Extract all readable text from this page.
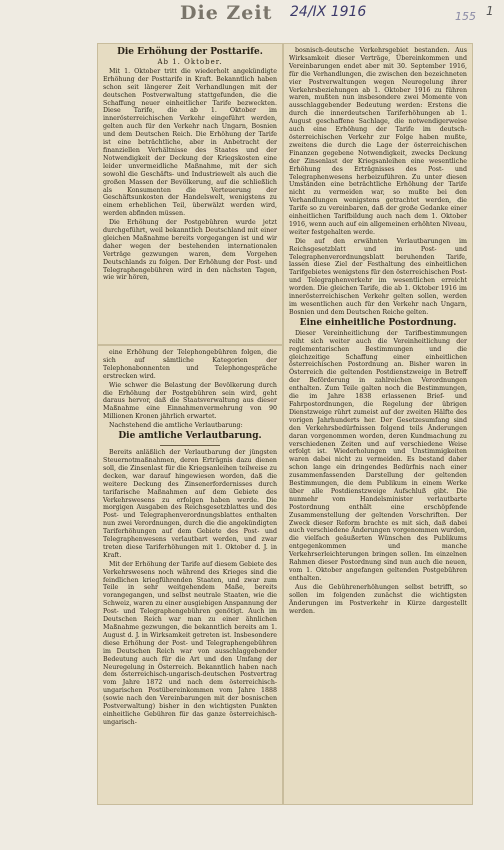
Die Zeit 24/IX 1916	155 1

Die Erhöhung der Posttarife.

Ab 1. Oktober.

Mit 1. Oktober tritt die wiederholt angekündigte Erhöhung der Posttarife in Kraft. Bekanntlich haben schon seit längerer Zeit Verhandlungen mit der deutschen Postverwaltung stattgefunden, die die Schaffung neuer einheitlicher Tarife bezweckten. Diese Tarife, die ab 1. Oktober im innerösterreichischen Verkehr eingeführt werden, gelten auch für den Verkehr nach Ungarn, Bosnien und dem Deutschen Reich. Die Erhöhung der Tarife ist eine beträchtliche, aber in Anbetracht der finanziellen Verhältnisse des Staates und der Notwendigkeit der Deckung der Kriegskosten eine leider unvermeidliche Maßnahme, mit der sich sowohl die Geschäfts- und Industriewelt als auch die großen Massen der Bevölkerung, auf die schließlich als Konsumenten die Verteuerung der Geschäftsunkosten der Handelswelt, wenigstens zu einem erheblichen Teil, überwälzt werden wird, werden abfinden müssen.

Die Erhöhung der Postgebühren wurde jetzt durchgeführt, weil bekanntlich Deutschland mit einer gleichen Maßnahme bereits vorgegangen ist und wir daher wegen der bestehenden internationalen Verträge gezwungen waren, dem Vorgehen Deutschlands zu folgen. Der Erhöhung der Post- und Telegraphengebühren wird in den nächsten Tagen, wie wir hören,

eine Erhöhung der Telephongebühren folgen, die sich auf sämtliche Kategorien der Telephonabonnenten und Telephongespräche erstrecken wird.

Wie schwer die Belastung der Bevölkerung durch die Erhöhung der Postgebühren sein wird, geht daraus hervor, daß die Staatsverwaltung aus dieser Maßnahme eine Einnahmenvermehrung von 90 Millionen Kronen jährlich erwartet.

Nachstehend die amtliche Verlautbarung:

Die amtliche Verlautbarung.

Bereits anläßlich der Verlautbarung der jüngsten Steuernotmaßnahmen, deren Erträgnis dazu dienen soll, die Zinsenlast für die Kriegsanleihen teilweise zu decken, war darauf hingewiesen worden, daß die weitere Deckung des Zinsenerfordernisses durch tarifarische Maßnahmen auf dem Gebiete des Verkehrswesens zu erfolgen haben werde. Die morgigen Ausgaben des Reichsgesetzblattes und des Post- und Telegraphenverordnungsblattes enthalten nun zwei Verordnungen, durch die die angekündigten Tariferhöhungen auf dem Gebiete des Post- und Telegraphenwesens verlautbart werden, und zwar treten diese Tariferhöhungen mit 1. Oktober d. J. in Kraft.

Mit der Erhöhung der Tarife auf diesem Gebiete des Verkehrswesens noch während des Krieges sind die feindlichen kriegführenden Staaten, und zwar zum Teile in sehr weitgehendem Maße, bereits vorangegangen, und selbst neutrale Staaten, wie die Schweiz, waren zu einer ausgiebigen Anspannung der Post- und Telegraphengebühren genötigt. Auch im Deutschen Reich war man zu einer ähnlichen Maßnahme gezwungen, die bekanntlich bereits am 1. August d. J. in Wirksamkeit getreten ist. Insbesondere diese Erhöhung der Post- und Telegraphengebühren im Deutschen Reich war von ausschlaggebender Bedeutung auch für die Art und den Umfang der Neuregelung in Österreich. Bekanntlich haben nach dem österreichisch-ungarisch-deutschen Postvertrag vom Jahre 1872 und nach dem österreichisch-ungarischen Postübereinkommen vom Jahre 1888 (sowie nach den Vereinbarungen mit der bosnischen Postverwaltung) bisher in den wichtigsten Punkten einheitliche Gebühren für das ganze österreichisch-ungarisch-

bosnisch-deutsche Verkehrsgebiet bestanden. Aus Wirksamkeit dieser Verträge, Übereinkommen und Vereinbarungen endet aber mit 30. September 1916, für die Verhandlungen, die zwischen den bezeichneten vier Postverwaltungen wegen Neuregelung ihrer Verkehrsbeziehungen ab 1. Oktober 1916 zu führen waren, mußten nun insbesondere zwei Momente von ausschlaggebender Bedeutung werden: Erstens die durch die innerdeutschen Tariferhöhungen ab 1. August geschaffene Sachlage, die notwendigerweise auch eine Erhöhung der Tarife im deutsch-österreichischen Verkehr zur Folge haben mußte, zweitens die durch die Lage der österreichischen Finanzen gegebene Notwendigkeit, zwecks Deckung der Zinsenlast der Kriegsanleihen eine wesentliche Erhöhung des Erträgnisses des Post- und Telegraphenwesens herbeizuführen. Zu unter diesen Umständen eine beträchtliche Erhöhung der Tarife nicht zu vermeiden war, so mußte bei den Verhandlungen wenigstens getrachtet werden, die Tarife so zu vereinbaren, daß der große Gedanke einer einheitlichen Tarifbildung auch nach dem 1. Oktober 1916, wenn auch auf ein allgemeinen erhöhten Niveau, weiter festgehalten werde.

Die auf den erwähnten Verlautbarungen im Reichsgesetzblatt und im Post- und Telegraphenverordnungsblatt beruhenden Tarife, lassen diese Ziel der Festhaltung des einheitlichen Tarifgebietes wenigstens für den österreichischen Post- und Telegraphenverkehr im wesentlichen erreicht worden. Die gleichen Tarife, die ab 1. Oktober 1916 im innerösterreichischen Verkehr gelten sollen, werden im wesentlichen auch für den Verkehr nach Ungarn, Bosnien und dem Deutschen Reiche gelten.

Eine einheitliche Postordnung.

Dieser Vereinheitlichung der Tarifbestimmungen reiht sich weiter auch die Vereinheitlichung der reglementarischen Bestimmungen und die gleichzeitige Schaffung einer einheitlichen österreichischen Postordnung an. Bisher waren in Österreich die geltenden Postdienstzweige in Betreff der Beförderung in zahlreichen Verordnungen enthalten. Zum Teile galten noch die Bestimmungen, die im Jahre 1838 erlassenen Brief- und Fahrpostordnungen, die Regelung der übrigen Dienstzweige rührt zumeist auf der zweiten Hälfte des vorigen Jahrhunderts her. Der Gesetzesumfang sind den Verkehrsbedürfnissen folgend teils Änderungen daran vorgenommen worden, deren Kundmachung zu verschiedenen Zeiten und auf verschiedene Weise erfolgt ist. Wiederholungen und Unstimmigkeiten waren dabei nicht zu vermeiden. Es bestand daher schon lange ein dringendes Bedürfnis nach einer zusammenfassenden Darstellung der geltenden Bestimmungen, die dem Publikum in einem Werke über alle Postdienstzweige Aufschluß gibt. Die nunmehr vom Handelsminister verlautbarte Postordnung enthält eine erschöpfende Zusammenstellung der geltenden Vorschriften. Der Zweck dieser Reform brachte es mit sich, daß dabei auch verschiedene Änderungen vorgenommen wurden, die vielfach geäußerten Wünschen des Publikums entgegenkommen und manche Verkehrserleichterungen bringen sollen. Im einzelnen Rahmen dieser Postordnung sind nun auch die neuen, vom 1. Oktober angefangen geltenden Postgebühren enthalten.

Aus die Gebührenerhöhungen selbst betrifft, so sollen im folgenden zunächst die wichtigsten Änderungen im Postverkehr in Kürze dargestellt werden.
